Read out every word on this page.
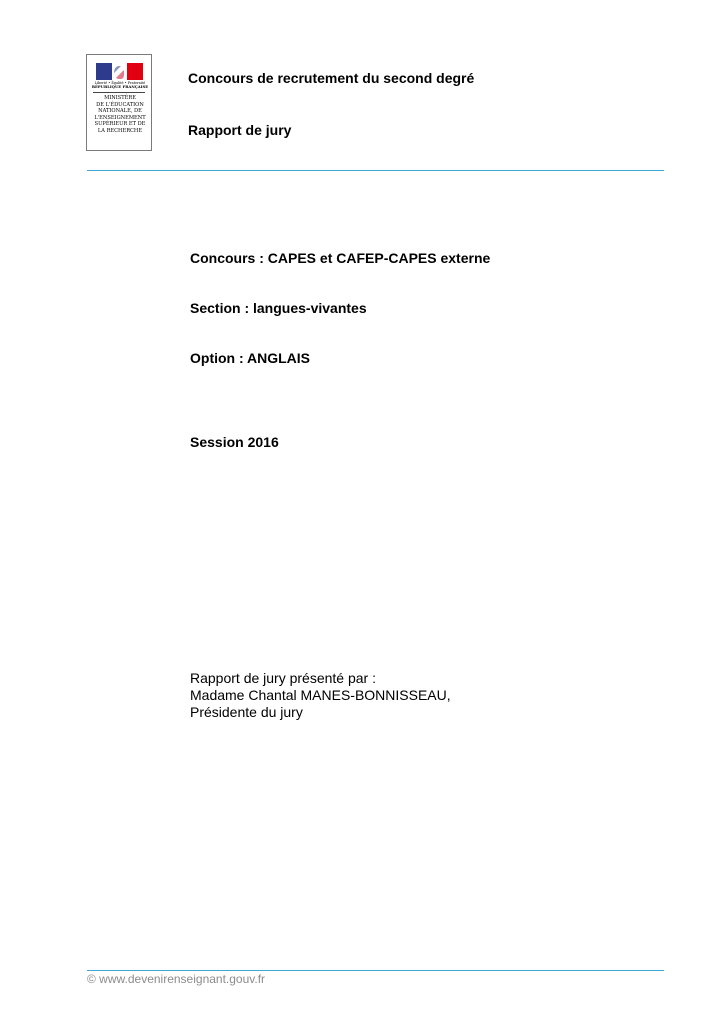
Liberté • Égalité • Fraternité
RÉPUBLIQUE FRANÇAISE
MINISTÈRE
DE L'ÉDUCATION
NATIONALE, DE
L'ENSEIGNEMENT
SUPÉRIEUR ET DE
LA RECHERCHE
Concours de recrutement du second degré
Rapport de jury
Concours : CAPES et CAFEP-CAPES externe
Section : langues-vivantes
Option : ANGLAIS
Session 2016
Rapport de jury présenté par :
Madame Chantal MANES-BONNISSEAU,
Présidente du jury
© www.devenirenseignant.gouv.fr
